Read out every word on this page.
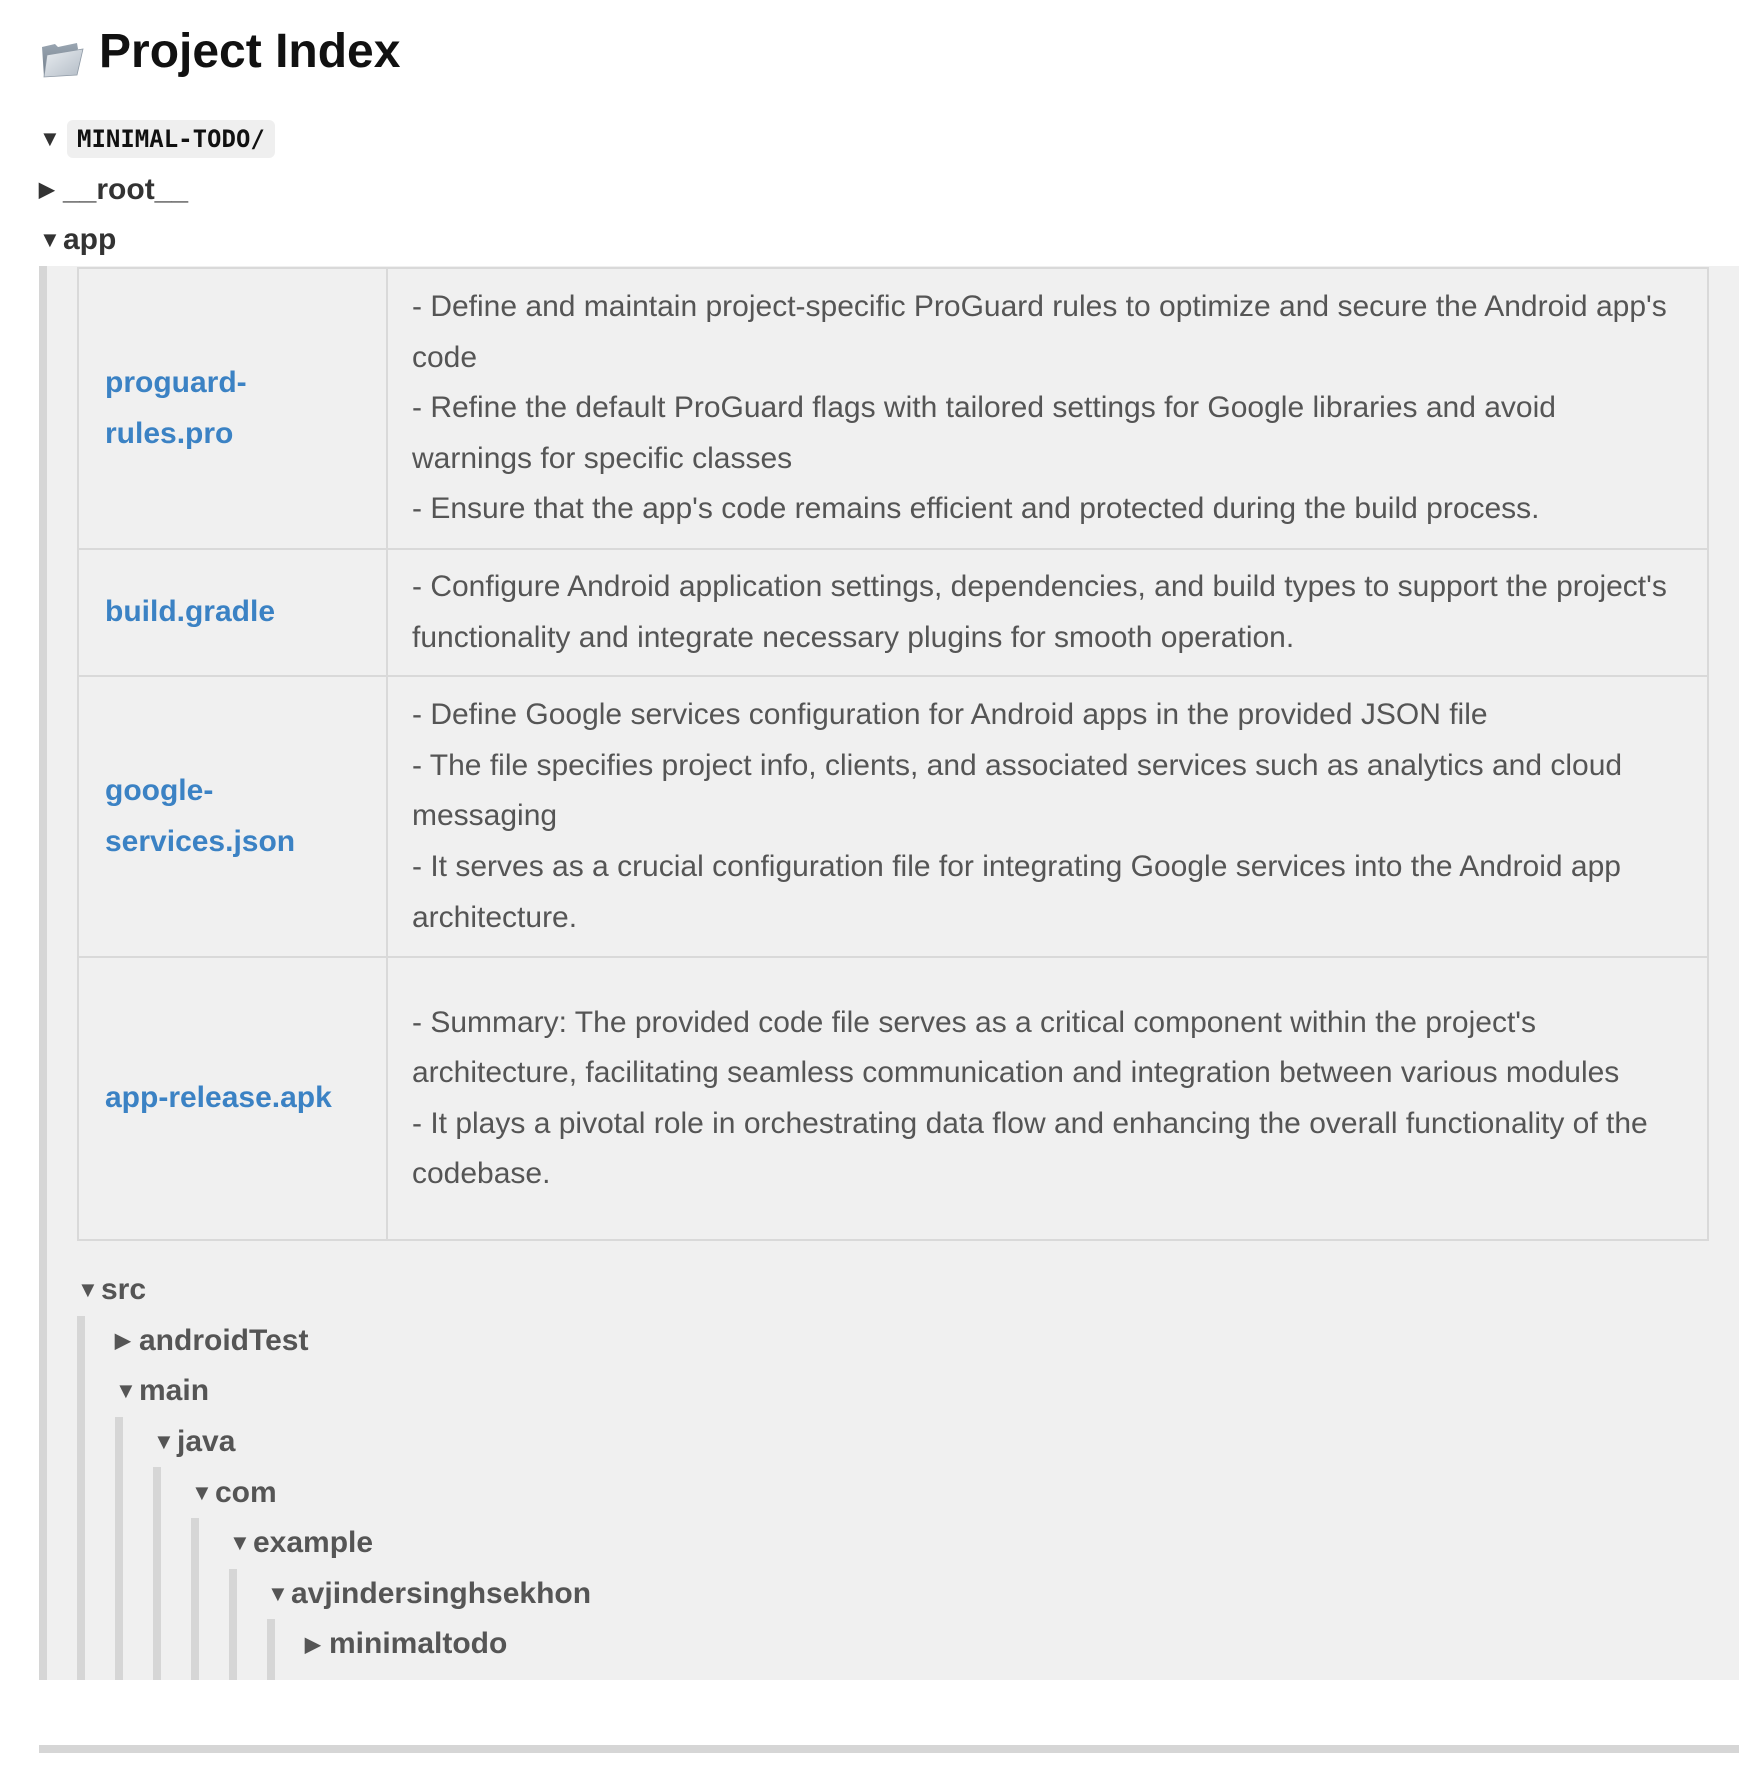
Project Index
▼ MINIMAL-TODO/
▶ __root__
▼ app
proguard-rules.pro	- Define and maintain project-specific ProGuard rules to optimize and secure the Android app's code
- Refine the default ProGuard flags with tailored settings for Google libraries and avoid warnings for specific classes
- Ensure that the app's code remains efficient and protected during the build process.

build.gradle	- Configure Android application settings, dependencies, and build types to support the project's functionality and integrate necessary plugins for smooth operation.

google-services.json	- Define Google services configuration for Android apps in the provided JSON file
- The file specifies project info, clients, and associated services such as analytics and cloud messaging
- It serves as a crucial configuration file for integrating Google services into the Android app architecture.

app-release.apk	- Summary: The provided code file serves as a critical component within the project's architecture, facilitating seamless communication and integration between various modules
- It plays a pivotal role in orchestrating data flow and enhancing the overall functionality of the codebase.
▼ src
▶ androidTest
▼ main
▼ java
▼ com
▼ example
▼ avjindersinghsekhon
▶ minimaltodo
